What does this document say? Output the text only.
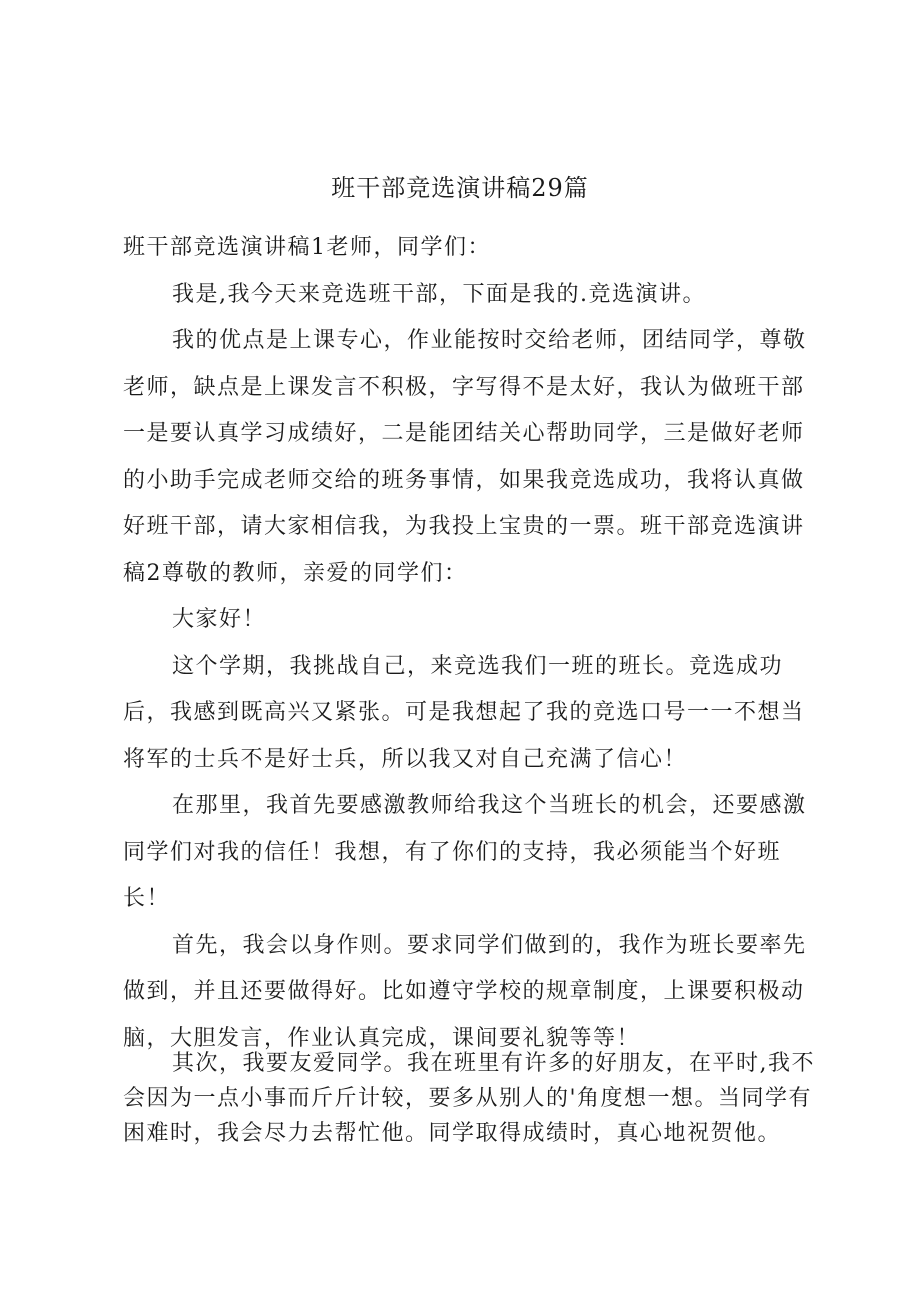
班干部竞选演讲稿29篇

班干部竞选演讲稿1老师，同学们：

我是,我今天来竞选班干部，下面是我的.竞选演讲。

我的优点是上课专心，作业能按时交给老师，团结同学，尊敬老师，缺点是上课发言不积极，字写得不是太好，我认为做班干部一是要认真学习成绩好，二是能团结关心帮助同学，三是做好老师的小助手完成老师交给的班务事情，如果我竞选成功，我将认真做好班干部，请大家相信我，为我投上宝贵的一票。班干部竞选演讲稿2尊敬的教师，亲爱的同学们：

大家好！

这个学期，我挑战自己，来竞选我们一班的班长。竞选成功后，我感到既高兴又紧张。可是我想起了我的竞选口号一一不想当将军的士兵不是好士兵，所以我又对自己充满了信心！

在那里，我首先要感激教师给我这个当班长的机会，还要感激同学们对我的信任！我想，有了你们的支持，我必须能当个好班长！

首先，我会以身作则。要求同学们做到的，我作为班长要率先做到，并且还要做得好。比如遵守学校的规章制度，上课要积极动脑，大胆发言，作业认真完成，课间要礼貌等等！

其次，我要友爱同学。我在班里有许多的好朋友，在平时,我不会因为一点小事而斤斤计较，要多从别人的'角度想一想。当同学有困难时，我会尽力去帮忙他。同学取得成绩时，真心地祝贺他。
